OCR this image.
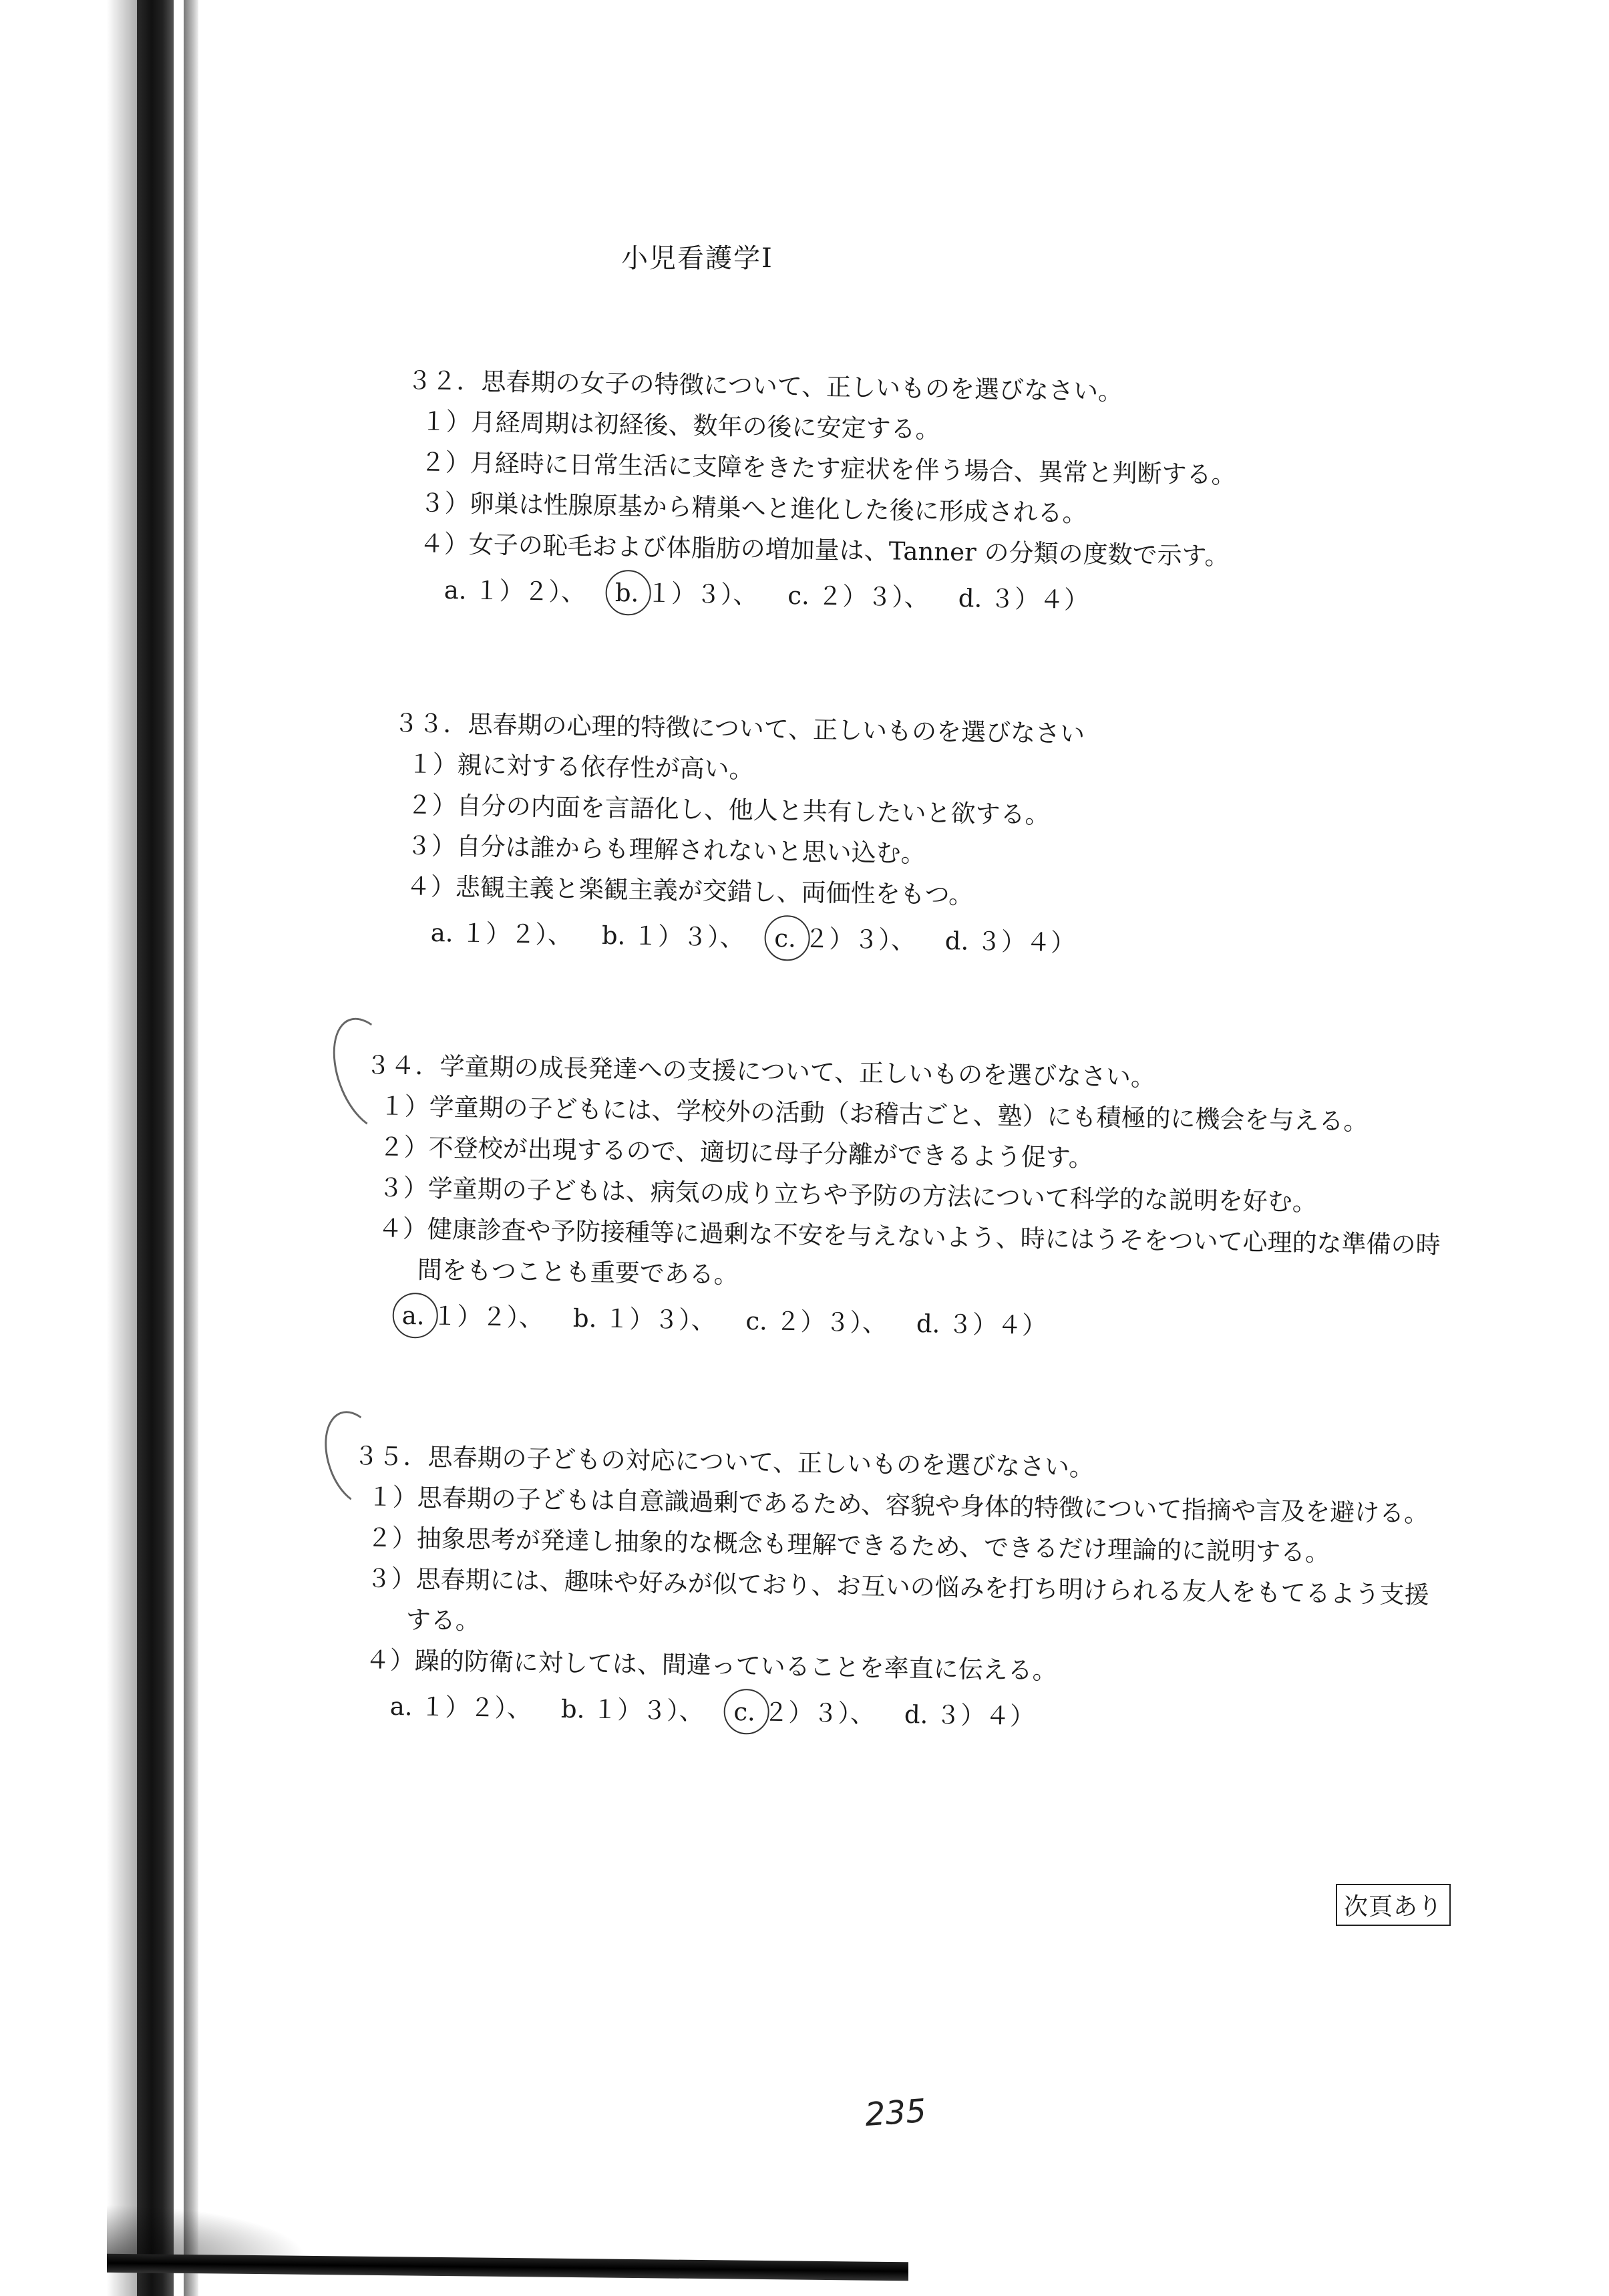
小児看護学Ⅰ
３２．思春期の女子の特徴について、正しいものを選びなさい。
１）月経周期は初経後、数年の後に安定する。
２）月経時に日常生活に支障をきたす症状を伴う場合、異常と判断する。
３）卵巣は性腺原基から精巣へと進化した後に形成される。
４）女子の恥毛および体脂肪の増加量は、Tanner の分類の度数で示す。
a. １）２）、 b. １）３）、 c. ２）３）、 d. ３）４）
３３．思春期の心理的特徴について、正しいものを選びなさい
１）親に対する依存性が高い。
２）自分の内面を言語化し、他人と共有したいと欲する。
３）自分は誰からも理解されないと思い込む。
４）悲観主義と楽観主義が交錯し、両価性をもつ。
a. １）２）、 b. １）３）、 c. ２）３）、 d. ３）４）
３４．学童期の成長発達への支援について、正しいものを選びなさい。
１）学童期の子どもには、学校外の活動（お稽古ごと、塾）にも積極的に機会を与える。
２）不登校が出現するので、適切に母子分離ができるよう促す。
３）学童期の子どもは、病気の成り立ちや予防の方法について科学的な説明を好む。
４）健康診査や予防接種等に過剰な不安を与えないよう、時にはうそをついて心理的な準備の時
間をもつことも重要である。
a. １）２）、 b. １）３）、 c. ２）３）、 d. ３）４）
３５．思春期の子どもの対応について、正しいものを選びなさい。
１）思春期の子どもは自意識過剰であるため、容貌や身体的特徴について指摘や言及を避ける。
２）抽象思考が発達し抽象的な概念も理解できるため、できるだけ理論的に説明する。
３）思春期には、趣味や好みが似ており、お互いの悩みを打ち明けられる友人をもてるよう支援
する。
４）躁的防衛に対しては、間違っていることを率直に伝える。
a. １）２）、 b. １）３）、 c. ２）３）、 d. ３）４）
次頁あり
235
